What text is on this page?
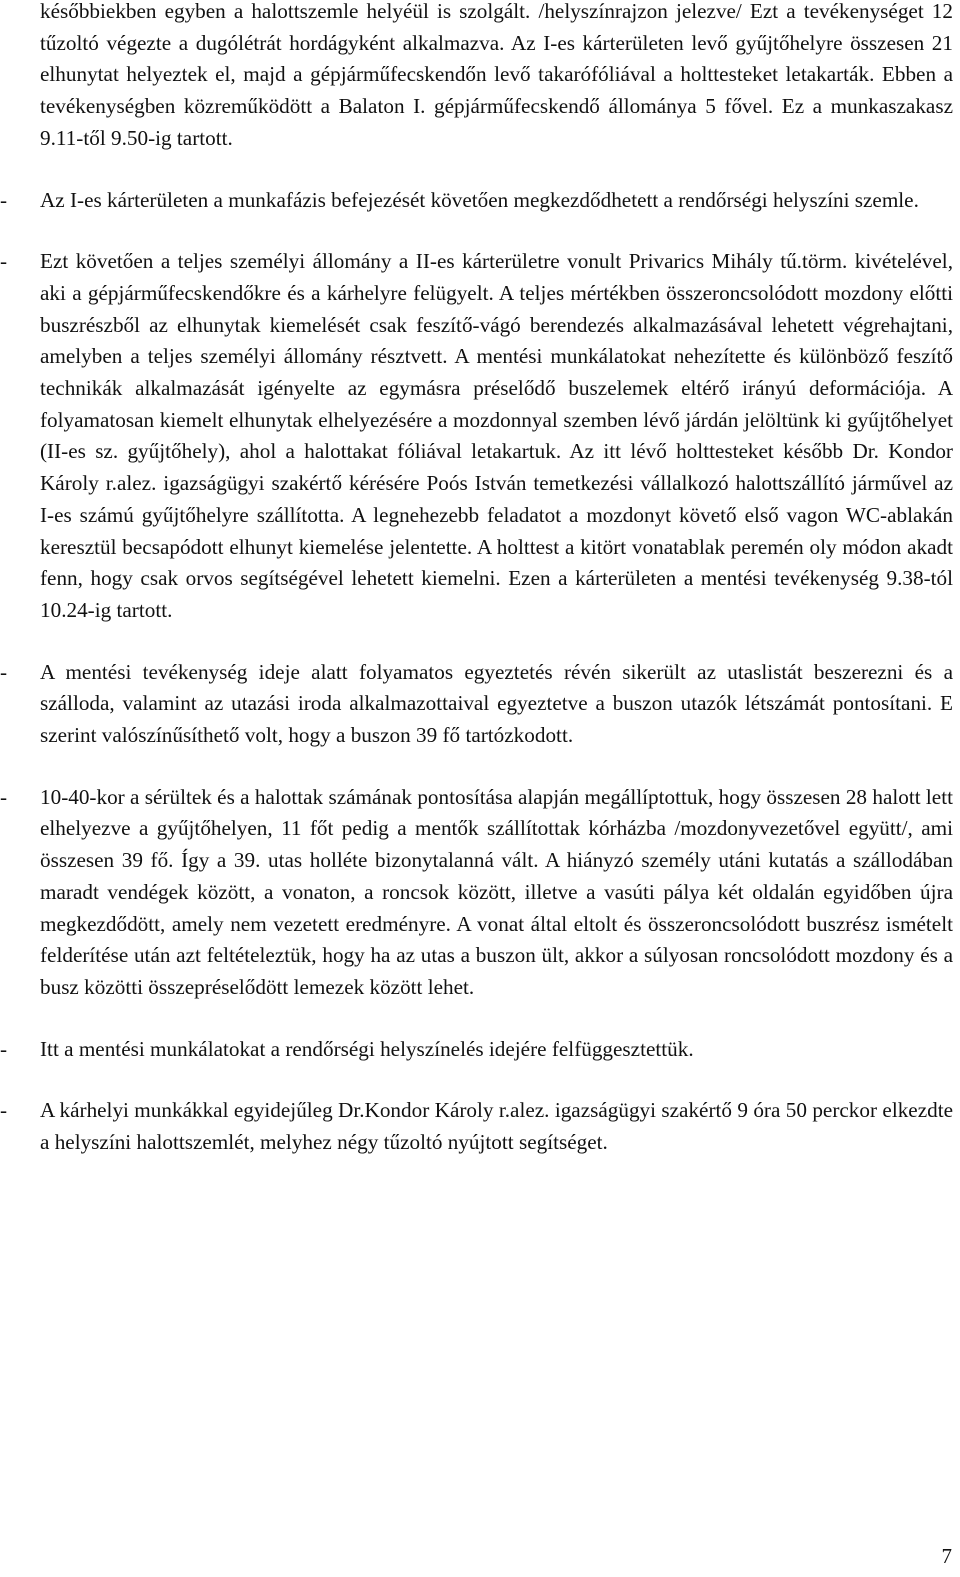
későbbiekben egyben a halottszemle helyéül is szolgált. /helyszínrajzon jelezve/ Ezt a tevékenységet 12 tűzoltó végezte a dugólétrát hordágyként alkalmazva. Az I-es kárterületen levő gyűjtőhelyre összesen 21 elhunytat helyeztek el, majd a gépjárműfecskendőn levő takarófóliával a holttesteket letakarták. Ebben a tevékenységben közreműködött a Balaton I. gépjárműfecskendő állománya 5 fővel. Ez a munkaszakasz 9.11-től 9.50-ig tartott.

-	Az I-es kárterületen a munkafázis befejezését követően megkezdődhetett a rendőrségi helyszíni szemle.

-	Ezt követően a teljes személyi állomány a II-es kárterületre vonult Privarics Mihály tű.törm. kivételével, aki a gépjárműfecskendőkre és a kárhelyre felügyelt. A teljes mértékben összeroncsolódott mozdony előtti buszrészből az elhunytak kiemelését csak feszítő-vágó berendezés alkalmazásával lehetett végrehajtani, amelyben a teljes személyi állomány résztvett. A mentési munkálatokat nehezítette és különböző feszítő technikák alkalmazását igényelte az egymásra préselődő buszelemek eltérő irányú deformációja. A folyamatosan kiemelt elhunytak elhelyezésére a mozdonnyal szemben lévő járdán jelöltünk ki gyűjtőhelyet (II-es sz. gyűjtőhely), ahol a halottakat fóliával letakartuk. Az itt lévő holttesteket később Dr. Kondor Károly r.alez. igazságügyi szakértő kérésére Poós István temetkezési vállalkozó halottszállító járművel az I-es számú gyűjtőhelyre szállította. A legnehezebb feladatot a mozdonyt követő első vagon WC-ablakán keresztül becsapódott elhunyt kiemelése jelentette. A holttest a kitört vonatablak peremén oly módon akadt fenn, hogy csak orvos segítségével lehetett kiemelni. Ezen a kárterületen a mentési tevékenység 9.38-tól 10.24-ig tartott.

-	A mentési tevékenység ideje alatt folyamatos egyeztetés révén sikerült az utaslistát beszerezni és a szálloda, valamint az utazási iroda alkalmazottaival egyeztetve a buszon utazók létszámát pontosítani. E szerint valószínűsíthető volt, hogy a buszon 39 fő tartózkodott.

-	10-40-kor a sérültek és a halottak számának pontosítása alapján megállíptottuk, hogy összesen 28 halott lett elhelyezve a gyűjtőhelyen, 11 főt pedig a mentők szállítottak kórházba /mozdonyvezetővel együtt/, ami összesen 39 fő. Így a 39. utas holléte bizonytalanná vált. A hiányzó személy utáni kutatás a szállodában maradt vendégek között, a vonaton, a roncsok között, illetve a vasúti pálya két oldalán egyidőben újra megkezdődött, amely nem vezetett eredményre. A vonat által eltolt és összeroncsolódott buszrész ismételt felderítése után azt feltételeztük, hogy ha az utas a buszon ült, akkor a súlyosan roncsolódott mozdony és a busz közötti összepréselődött lemezek között lehet.

-	Itt a mentési munkálatokat a rendőrségi helyszínelés idejére felfüggesztettük.

-	A kárhelyi munkákkal egyidejűleg Dr.Kondor Károly r.alez. igazságügyi szakértő 9 óra 50 perckor elkezdte a helyszíni halottszemlét, melyhez négy tűzoltó nyújtott segítséget.

7
